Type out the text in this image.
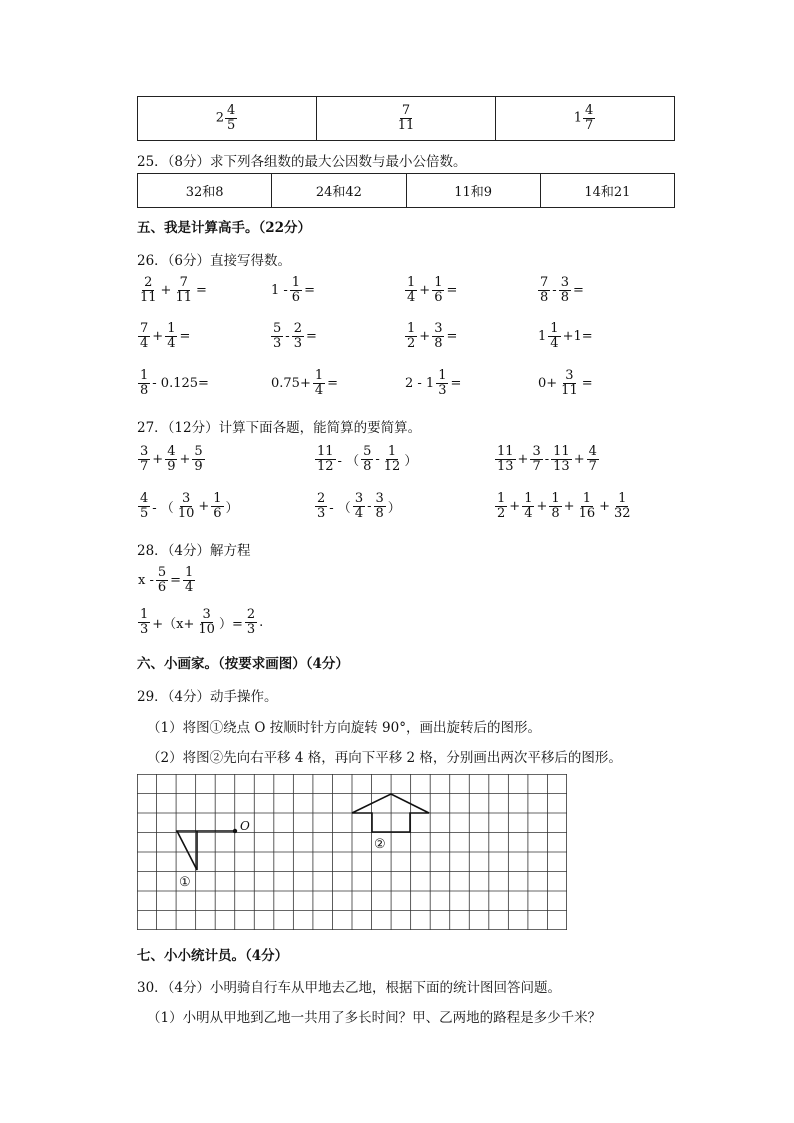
$2 \frac{4}{5}$	$\frac{7}{11}$	$1 \frac{4}{7}$
25．（8分）求下列各组数的最大公因数与最小公倍数。
32和8	24和42	11和9	14和21
五、我是计算高手。（22分）
26．（6分）直接写得数。
$\frac{2}{11} + \frac{7}{11}$ =	$1 - \frac{1}{6}$ =	$\frac{1}{4} + \frac{1}{6}$ =	$\frac{7}{8} - \frac{3}{8}$ =
$\frac{7}{4} + \frac{1}{4}$ =	$\frac{5}{3} - \frac{2}{3}$ =	$\frac{1}{2} + \frac{3}{8}$ =	$1 \frac{1}{4} +1=$
$\frac{1}{8} - 0.125=$	$0.75+ \frac{1}{4}$ =	$2 - 1 \frac{1}{3}$ =	$0+ \frac{3}{11}$ =
27．（12分）计算下面各题，能简算的要简算。
$\frac{3}{7} + \frac{4}{9} + \frac{5}{9}$	$\frac{11}{12}$ - （ $\frac{5}{8} - \frac{1}{12}$ ）	$\frac{11}{13} + \frac{3}{7} - \frac{11}{13} + \frac{4}{7}$
$\frac{4}{5}$ - （ $\frac{3}{10} + \frac{1}{6}$ ）	$\frac{2}{3}$ - （ $\frac{3}{4} - \frac{3}{8}$ ）	$\frac{1}{2} + \frac{1}{4} + \frac{1}{8} + \frac{1}{16} + \frac{1}{32}$
28．（4分）解方程
$x - \frac{5}{6} = \frac{1}{4}$
$\frac{1}{3} +(x+ \frac{3}{10}$ ）= $\frac{2}{3}$ .
六、小画家。（按要求画图）（4分）
29．（4分）动手操作。
（1）将图①绕点 O 按顺时针方向旋转 90°，画出旋转后的图形。
（2）将图②先向右平移 4 格，再向下平移 2 格，分别画出两次平移后的图形。
O
①
②
七、小小统计员。（4分）
30．（4分）小明骑自行车从甲地去乙地，根据下面的统计图回答问题。
（1）小明从甲地到乙地一共用了多长时间？甲、乙两地的路程是多少千米？
